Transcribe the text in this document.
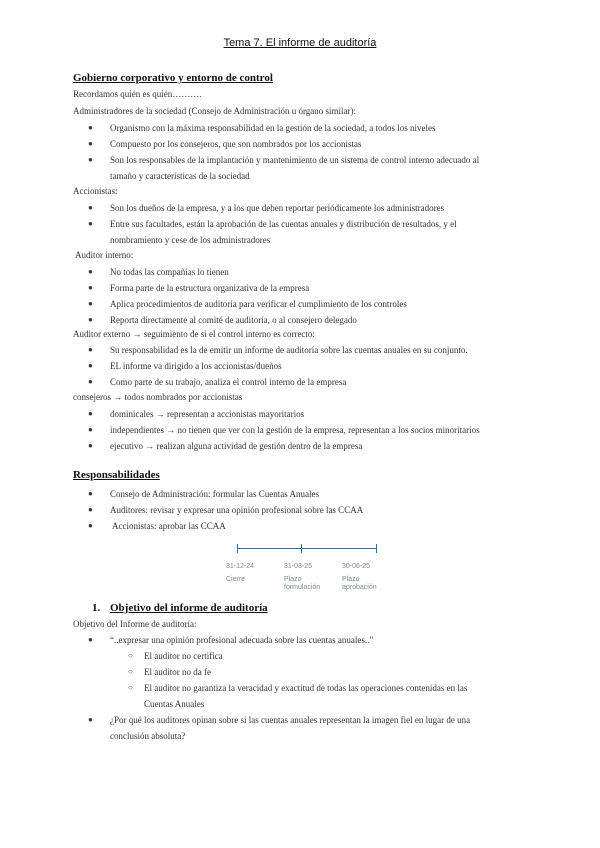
Tema 7. El informe de auditoría
Gobierno corporativo y entorno de control
Recordamos quién es quién……….
Administradores de la sociedad (Consejo de Administración u órgano similar):
● Organismo con la máxima responsabilidad en la gestión de la sociedad, a todos los niveles
● Compuesto por los consejeros, que son nombrados por los accionistas
● Son los responsables de la implantación y mantenimiento de un sistema de control interno adecuado al
tamaño y características de la sociedad
Accionistas:
● Son los dueños de la empresa, y a los que deben reportar periódicamente los administradores
● Entre sus facultades, están la aprobación de las cuentas anuales y distribución de resultados, y el
nombramiento y cese de los administradores
Auditor interno:
● No todas las compañías lo tienen
● Forma parte de la estructura organizativa de la empresa
● Aplica procedimientos de auditoría para verificar el cumplimiento de los controles
● Reporta directamente al comité de auditoría, o al consejero delegado
Auditor externo → seguimiento de si el control interno es correcto:
● Su responsabilidad es la de emitir un informe de auditoría sobre las cuentas anuales en su conjunto.
● EL informe va dirigido a los accionistas/dueños
● Como parte de su trabajo, analiza el control interno de la empresa
consejeros → todos nombrados por accionistas
● dominicales → representan a accionistas mayoritarios
● independientes → no tienen que ver con la gestión de la empresa, representan a los socios minoritarios
● ejecutivo → realizan alguna actividad de gestión dentro de la empresa
Responsabilidades
● Consejo de Administración: formular las Cuentas Anuales
● Auditores: revisar y expresar una opinión profesional sobre las CCAA
● Accionistas: aprobar las CCAA
31-12-24
Cierre
31-03-25
Plazo formulación
30-06-25
Plazo aprobación
1. Objetivo del informe de auditoría
Objetivo del Informe de auditoría:
● “..expresar una opinión profesional adecuada sobre las cuentas anuales..”
○ El auditor no certifica
○ El auditor no da fe
○ El auditor no garantiza la veracidad y exactitud de todas las operaciones contenidas en las
Cuentas Anuales
● ¿Por qué los auditores opinan sobre si las cuentas anuales representan la imagen fiel en lugar de una
conclusión absoluta?
